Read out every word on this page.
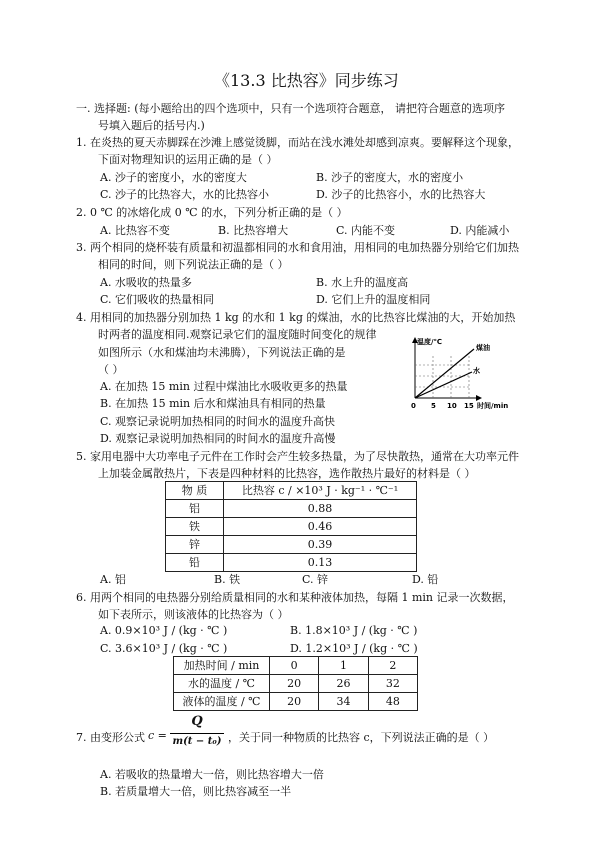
《13.3 比热容》同步练习
一. 选择题: (每小题给出的四个选项中，只有一个选项符合题意， 请把符合题意的选项序
号填入题后的括号内.)
1. 在炎热的夏天赤脚踩在沙滩上感觉烫脚，而站在浅水滩处却感到凉爽。要解释这个现象，
下面对物理知识的运用正确的是（ ）
A. 沙子的密度小，水的密度大	B. 沙子的密度大，水的密度小
C. 沙子的比热容大，水的比热容小	D. 沙子的比热容小，水的比热容大
2. 0 ℃ 的冰熔化成 0 ℃ 的水，下列分析正确的是（ ）
A. 比热容不变	B. 比热容增大	C. 内能不变	D. 内能减小
3. 两个相同的烧杯装有质量和初温都相同的水和食用油，用相同的电加热器分别给它们加热
相同的时间，则下列说法正确的是（ ）
A. 水吸收的热量多	B. 水上升的温度高
C. 它们吸收的热量相同	D. 它们上升的温度相同
4. 用相同的加热器分别加热 1 kg 的水和 1 kg 的煤油，水的比热容比煤油的大，开始加热
时两者的温度相同.观察记录它们的温度随时间变化的规律
如图所示（水和煤油均未沸腾），下列说法正确的是
（ ）
A. 在加热 15 min 过程中煤油比水吸收更多的热量
B. 在加热 15 min 后水和煤油具有相同的热量
C. 观察记录说明加热相同的时间水的温度升高快
D. 观察记录说明加热相同的时间水的温度升高慢
温度/℃
煤油
水
0 5 10 15 时间/min
5. 家用电器中大功率电子元件在工作时会产生较多热量，为了尽快散热，通常在大功率元件
上加装金属散热片，下表是四种材料的比热容，选作散热片最好的材料是（ ）
物 质	比热容 c / ×10³ J · kg⁻¹ · ℃⁻¹
铝	0.88
铁	0.46
锌	0.39
铅	0.13
A. 铝	B. 铁	C. 锌	D. 铅
6. 用两个相同的电热器分别给质量相同的水和某种液体加热，每隔 1 min 记录一次数据，
如下表所示，则该液体的比热容为（ ）
A. 0.9×10³ J / (kg · ℃ )	B. 1.8×10³ J / (kg · ℃ )
C. 3.6×10³ J / (kg · ℃ )	D. 1.2×10³ J / (kg · ℃ )
加热时间 / min	0	1	2
水的温度 / ℃	20	26	32
液体的温度 / ℃	20	34	48
7. 由变形公式 c =
Q
m(t − t₀) ，关于同一种物质的比热容 c，下列说法正确的是（ ）
A. 若吸收的热量增大一倍，则比热容增大一倍
B. 若质量增大一倍，则比热容减至一半
